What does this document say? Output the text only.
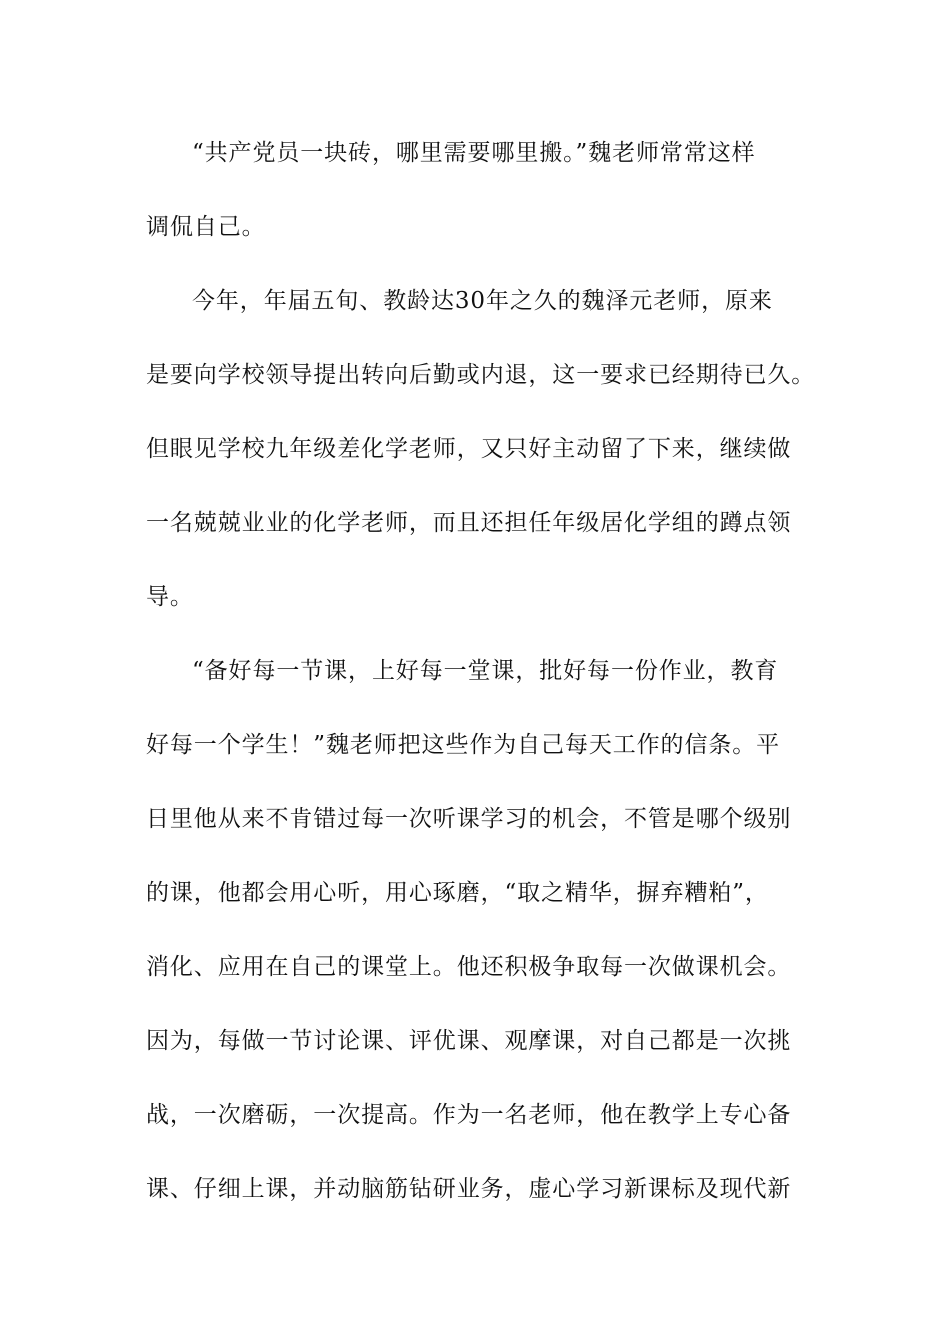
“共产党员一块砖，哪里需要哪里搬。”魏老师常常这样
调侃自己。
今年，年届五旬、教龄达30年之久的魏泽元老师，原来
是要向学校领导提出转向后勤或内退，这一要求已经期待已久。
但眼见学校九年级差化学老师，又只好主动留了下来，继续做
一名兢兢业业的化学老师，而且还担任年级居化学组的蹲点领
导。
“备好每一节课，上好每一堂课，批好每一份作业，教育
好每一个学生！”魏老师把这些作为自己每天工作的信条。平
日里他从来不肯错过每一次听课学习的机会，不管是哪个级别
的课，他都会用心听，用心琢磨，“取之精华，摒弃糟粕”，
消化、应用在自己的课堂上。他还积极争取每一次做课机会。
因为，每做一节讨论课、评优课、观摩课，对自己都是一次挑
战，一次磨砺，一次提高。作为一名老师，他在教学上专心备
课、仔细上课，并动脑筋钻研业务，虚心学习新课标及现代新
